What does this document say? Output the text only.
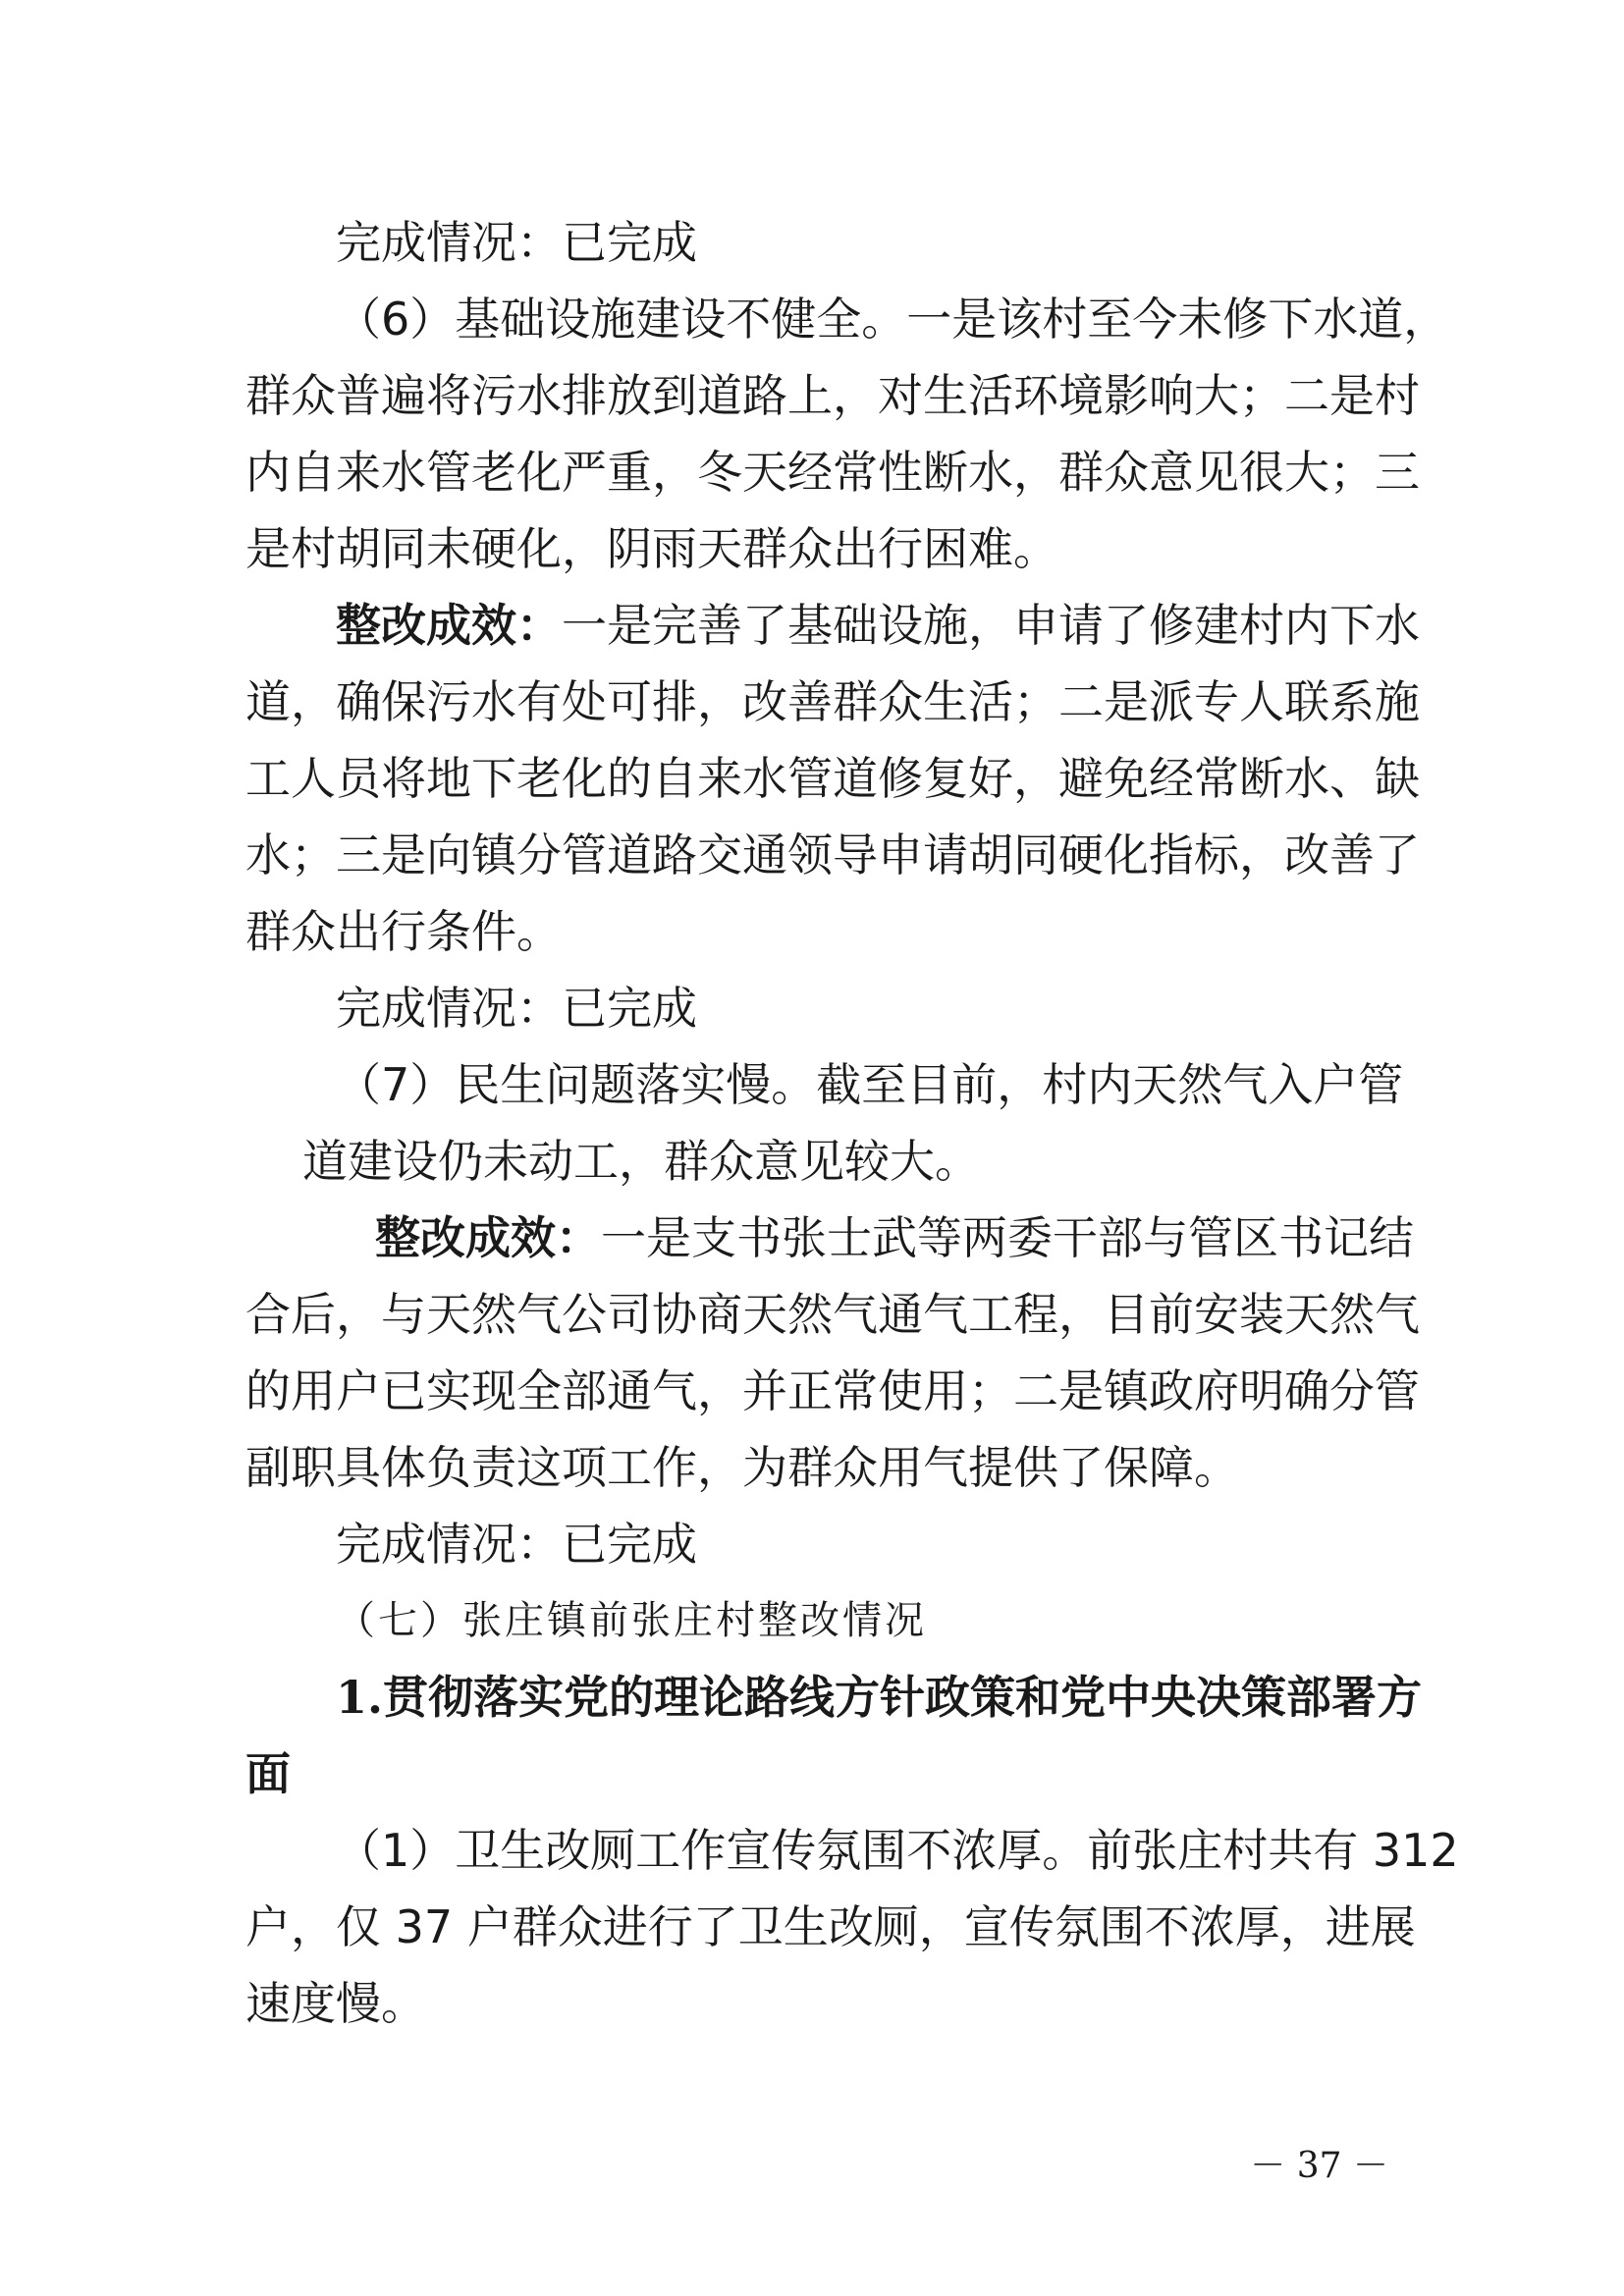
完成情况：已完成
（6）基础设施建设不健全。一是该村至今未修下水道，
群众普遍将污水排放到道路上，对生活环境影响大；二是村
内自来水管老化严重，冬天经常性断水，群众意见很大；三
是村胡同未硬化，阴雨天群众出行困难。
整改成效：一是完善了基础设施，申请了修建村内下水
道，确保污水有处可排，改善群众生活；二是派专人联系施
工人员将地下老化的自来水管道修复好，避免经常断水、缺
水；三是向镇分管道路交通领导申请胡同硬化指标，改善了
群众出行条件。
完成情况：已完成
（7）民生问题落实慢。截至目前，村内天然气入户管
道建设仍未动工，群众意见较大。
整改成效：一是支书张士武等两委干部与管区书记结
合后，与天然气公司协商天然气通气工程，目前安装天然气
的用户已实现全部通气，并正常使用；二是镇政府明确分管
副职具体负责这项工作，为群众用气提供了保障。
完成情况：已完成
（七）张庄镇前张庄村整改情况
1.贯彻落实党的理论路线方针政策和党中央决策部署方
面
（1）卫生改厕工作宣传氛围不浓厚。前张庄村共有 312
户，仅 37 户群众进行了卫生改厕，宣传氛围不浓厚，进展
速度慢。
－ 37 －
